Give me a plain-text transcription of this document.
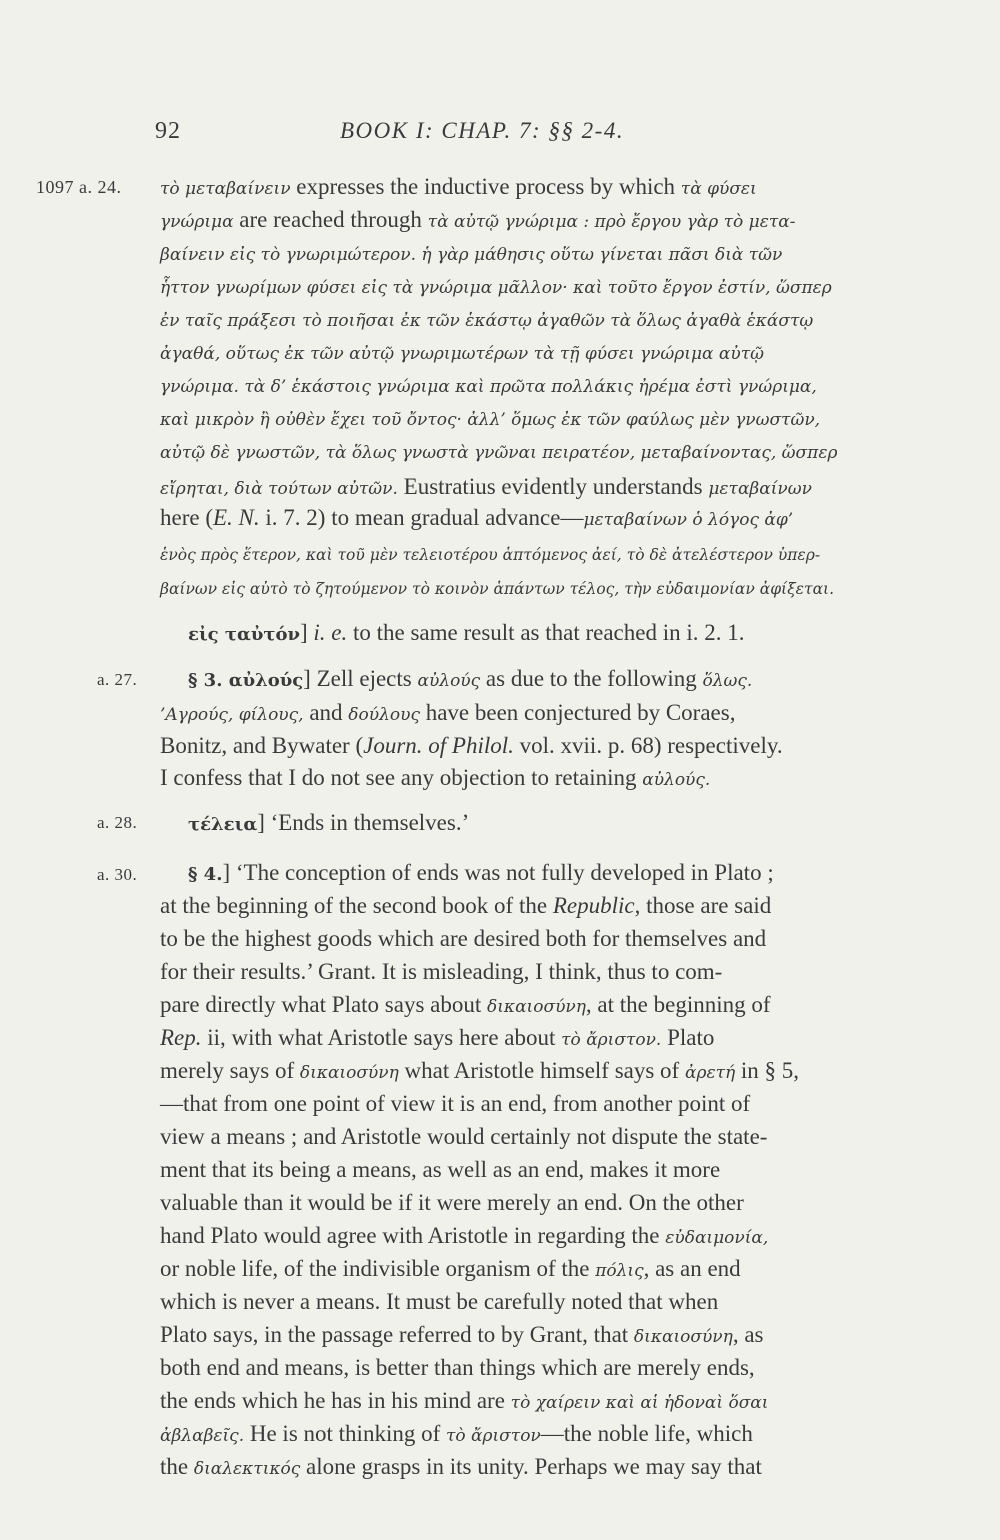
92	BOOK I: CHAP. 7: §§ 2-4.
1097 a. 24.
a. 27.
a. 28.
a. 30.
τὸ μεταβαίνειν expresses the inductive process by which τὰ φύσει
γνώριμα are reached through τὰ αὐτῷ γνώριμα : πρὸ ἔργου γὰρ τὸ μετα-
βαίνειν εἰς τὸ γνωριμώτερον. ἡ γὰρ μάθησις οὕτω γίνεται πᾶσι διὰ τῶν
ἧττον γνωρίμων φύσει εἰς τὰ γνώριμα μᾶλλον· καὶ τοῦτο ἔργον ἐστίν, ὥσπερ
ἐν ταῖς πράξεσι τὸ ποιῆσαι ἐκ τῶν ἑκάστῳ ἀγαθῶν τὰ ὅλως ἀγαθὰ ἑκάστῳ
ἀγαθά, οὕτως ἐκ τῶν αὐτῷ γνωριμωτέρων τὰ τῇ φύσει γνώριμα αὐτῷ
γνώριμα. τὰ δ’ ἑκάστοις γνώριμα καὶ πρῶτα πολλάκις ἠρέμα ἐστὶ γνώριμα,
καὶ μικρὸν ἢ οὐθὲν ἔχει τοῦ ὄντος· ἀλλ’ ὅμως ἐκ τῶν φαύλως μὲν γνωστῶν,
αὐτῷ δὲ γνωστῶν, τὰ ὅλως γνωστὰ γνῶναι πειρατέον, μεταβαίνοντας, ὥσπερ
εἴρηται, διὰ τούτων αὐτῶν. Eustratius evidently understands μεταβαίνων
here (E. N. i. 7. 2) to mean gradual advance—μεταβαίνων ὁ λόγος ἀφ’
ἑνὸς πρὸς ἕτερον, καὶ τοῦ μὲν τελειοτέρου ἁπτόμενος ἀεί, τὸ δὲ ἀτελέστερον ὑπερ-
βαίνων εἰς αὐτὸ τὸ ζητούμενον τὸ κοινὸν ἁπάντων τέλος, τὴν εὐδαιμονίαν ἀφίξεται.
εἰς ταὐτόν] i. e. to the same result as that reached in i. 2. 1.
§ 3. αὐλούς] Zell ejects αὐλούς as due to the following ὅλως.
’Αγρούς, φίλους, and δούλους have been conjectured by Coraes,
Bonitz, and Bywater (Journ. of Philol. vol. xvii. p. 68) respectively.
I confess that I do not see any objection to retaining αὐλούς.
τέλεια] ‘Ends in themselves.’
§ 4.] ‘The conception of ends was not fully developed in Plato ;
at the beginning of the second book of the Republic, those are said
to be the highest goods which are desired both for themselves and
for their results.’ Grant. It is misleading, I think, thus to com-
pare directly what Plato says about δικαιοσύνη, at the beginning of
Rep. ii, with what Aristotle says here about τὸ ἄριστον. Plato
merely says of δικαιοσύνη what Aristotle himself says of ἀρετή in § 5,
—that from one point of view it is an end, from another point of
view a means ; and Aristotle would certainly not dispute the state-
ment that its being a means, as well as an end, makes it more
valuable than it would be if it were merely an end. On the other
hand Plato would agree with Aristotle in regarding the εὐδαιμονία,
or noble life, of the indivisible organism of the πόλις, as an end
which is never a means. It must be carefully noted that when
Plato says, in the passage referred to by Grant, that δικαιοσύνη, as
both end and means, is better than things which are merely ends,
the ends which he has in his mind are τὸ χαίρειν καὶ αἱ ἡδοναὶ ὅσαι
ἀβλαβεῖς. He is not thinking of τὸ ἄριστον—the noble life, which
the διαλεκτικός alone grasps in its unity. Perhaps we may say that
